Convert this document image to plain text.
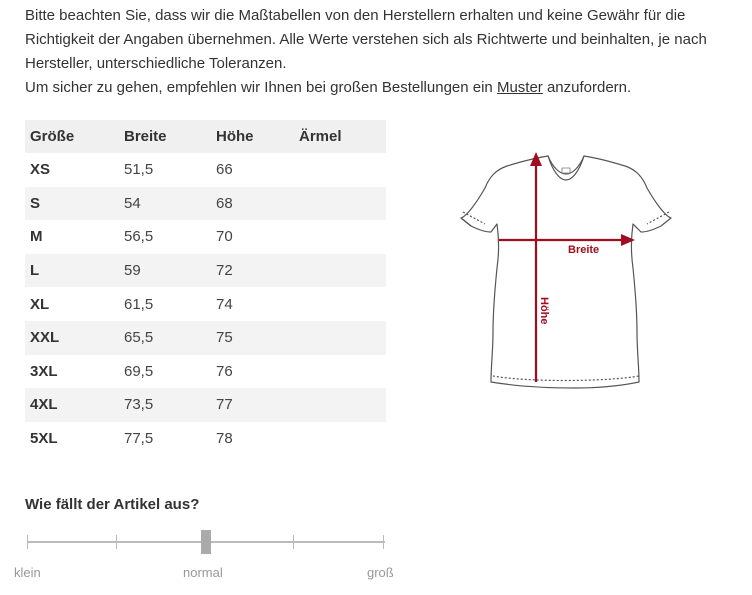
Bitte beachten Sie, dass wir die Maßtabellen von den Herstellern erhalten und keine Gewähr für die Richtigkeit der Angaben übernehmen. Alle Werte verstehen sich als Richtwerte und beinhalten, je nach Hersteller, unterschiedliche Toleranzen.

Um sicher zu gehen, empfehlen wir Ihnen bei großen Bestellungen ein Muster anzufordern.

Größe	Breite	Höhe	Ärmel
XS	51,5	66	
S	54	68	
M	56,5	70	
L	59	72	
XL	61,5	74	
XXL	65,5	75	
3XL	69,5	76	
4XL	73,5	77	
5XL	77,5	78	
Breite
Höhe
Wie fällt der Artikel aus?
klein	normal	groß
